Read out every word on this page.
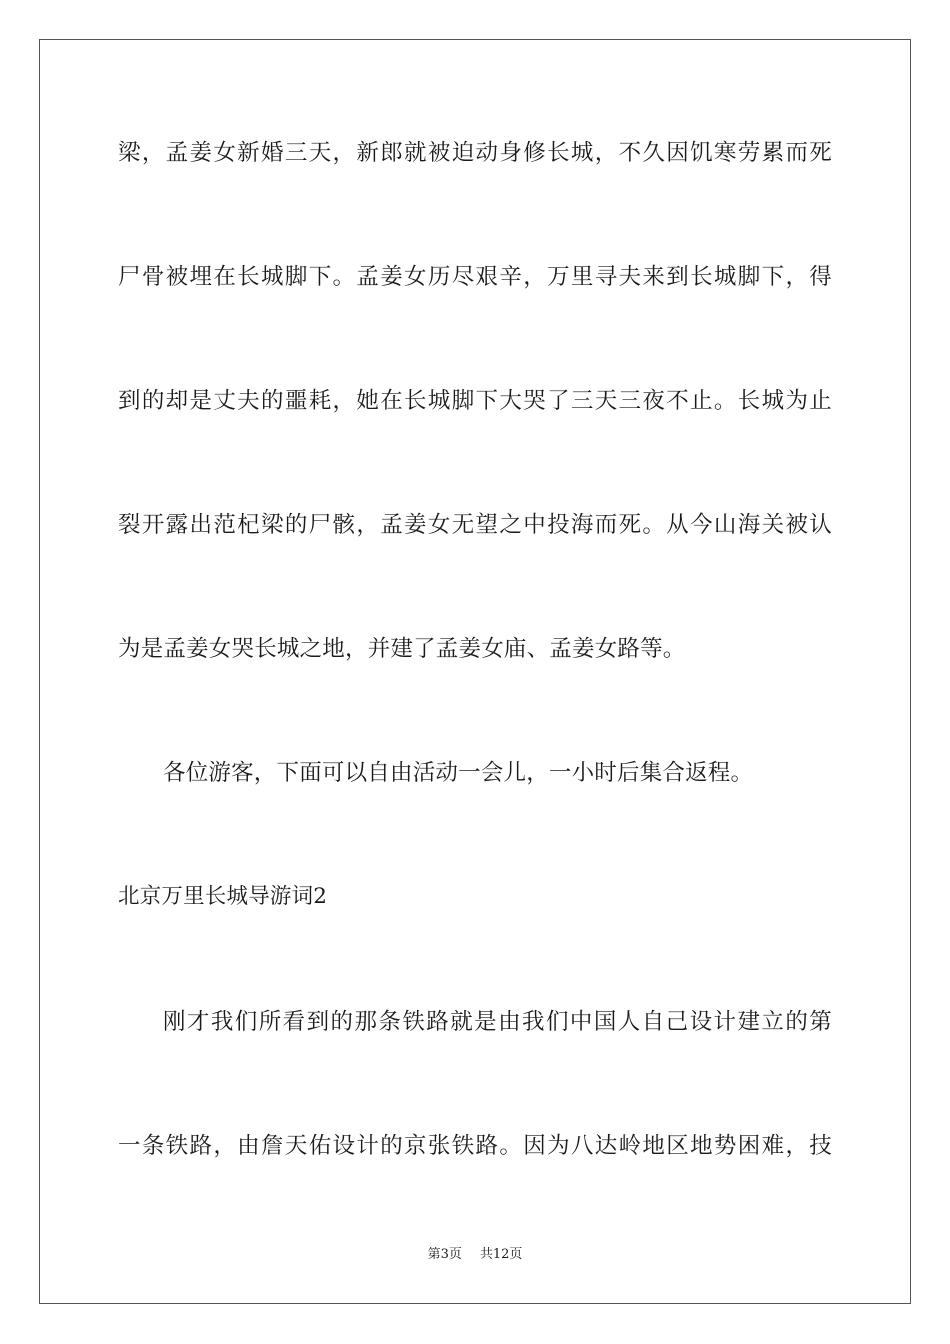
梁，孟姜女新婚三天，新郎就被迫动身修长城，不久因饥寒劳累而死
尸骨被埋在长城脚下。孟姜女历尽艰辛，万里寻夫来到长城脚下，得
到的却是丈夫的噩耗，她在长城脚下大哭了三天三夜不止。长城为止
裂开露出范杞梁的尸骸，孟姜女无望之中投海而死。从今山海关被认
为是孟姜女哭长城之地，并建了孟姜女庙、孟姜女路等。
各位游客，下面可以自由活动一会儿，一小时后集合返程。
北京万里长城导游词2
刚才我们所看到的那条铁路就是由我们中国人自己设计建立的第
一条铁路，由詹天佑设计的京张铁路。因为八达岭地区地势困难，技
第3页 共12页
